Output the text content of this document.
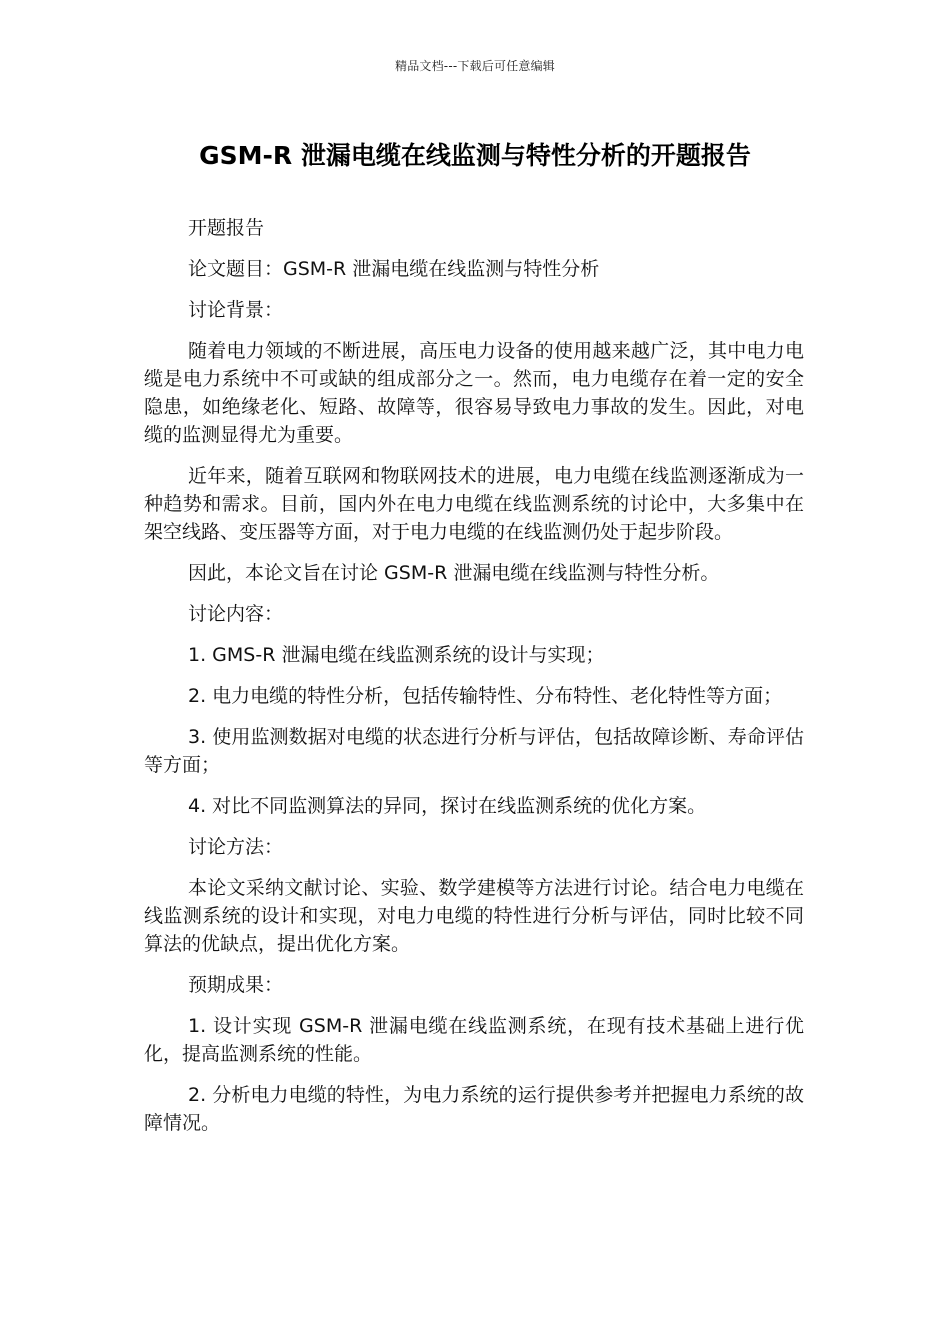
精品文档---下载后可任意编辑
GSM-R 泄漏电缆在线监测与特性分析的开题报告

开题报告

论文题目：GSM-R 泄漏电缆在线监测与特性分析

讨论背景：

随着电力领域的不断进展，高压电力设备的使用越来越广泛，其中电力电缆是电力系统中不可或缺的组成部分之一。然而，电力电缆存在着一定的安全隐患，如绝缘老化、短路、故障等，很容易导致电力事故的发生。因此，对电缆的监测显得尤为重要。

近年来，随着互联网和物联网技术的进展，电力电缆在线监测逐渐成为一种趋势和需求。目前，国内外在电力电缆在线监测系统的讨论中，大多集中在架空线路、变压器等方面，对于电力电缆的在线监测仍处于起步阶段。

因此，本论文旨在讨论 GSM-R 泄漏电缆在线监测与特性分析。

讨论内容：

1. GMS-R 泄漏电缆在线监测系统的设计与实现；

2. 电力电缆的特性分析，包括传输特性、分布特性、老化特性等方面；

3. 使用监测数据对电缆的状态进行分析与评估，包括故障诊断、寿命评估等方面；

4. 对比不同监测算法的异同，探讨在线监测系统的优化方案。

讨论方法：

本论文采纳文献讨论、实验、数学建模等方法进行讨论。结合电力电缆在线监测系统的设计和实现，对电力电缆的特性进行分析与评估，同时比较不同算法的优缺点，提出优化方案。

预期成果：

1. 设计实现 GSM-R 泄漏电缆在线监测系统，在现有技术基础上进行优化，提高监测系统的性能。

2. 分析电力电缆的特性，为电力系统的运行提供参考并把握电力系统的故障情况。
